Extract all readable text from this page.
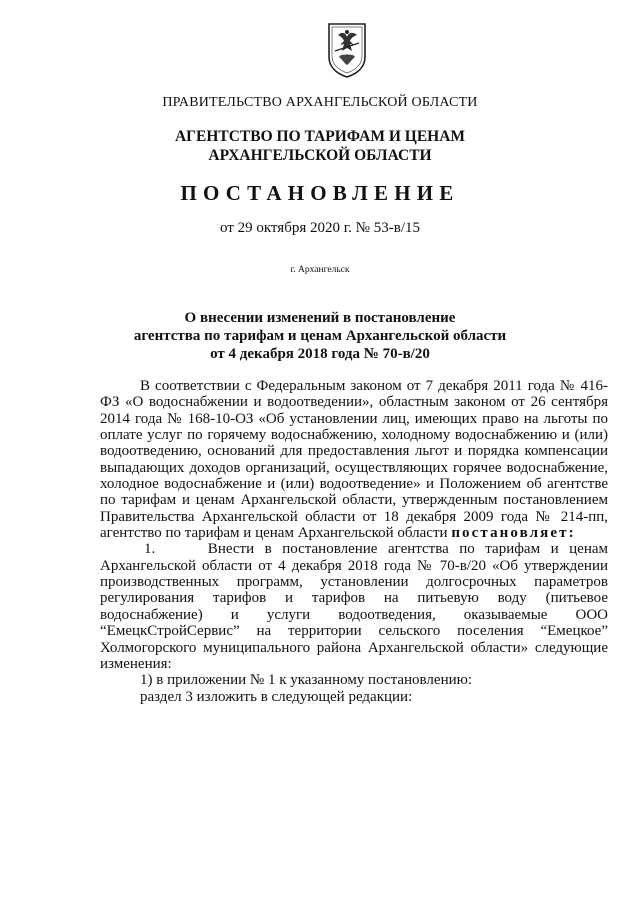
ПРАВИТЕЛЬСТВО АРХАНГЕЛЬСКОЙ ОБЛАСТИ
АГЕНТСТВО ПО ТАРИФАМ И ЦЕНАМ
АРХАНГЕЛЬСКОЙ ОБЛАСТИ
ПОСТАНОВЛЕНИЕ
от 29 октября 2020 г. № 53-в/15
г. Архангельск
О внесении изменений в постановление
агентства по тарифам и ценам Архангельской области
от 4 декабря 2018 года № 70-в/20

В соответствии с Федеральным законом от 7 декабря 2011 года № 416-ФЗ «О водоснабжении и водоотведении», областным законом от 26 сентября 2014 года № 168-10-ОЗ «Об установлении лиц, имеющих право на льготы по оплате услуг по горячему водоснабжению, холодному водоснабжению и (или) водоотведению, оснований для предоставления льгот и порядка компенсации выпадающих доходов организаций, осуществляющих горячее водоснабжение, холодное водоснабжение и (или) водоотведение» и Положением об агентстве по тарифам и ценам Архангельской области, утвержденным постановлением Правительства Архангельской области от 18 декабря 2009 года № 214-пп, агентство по тарифам и ценам Архангельской области постановляет:

1.     Внести в постановление агентства по тарифам и ценам Архангельской области от 4 декабря 2018 года № 70-в/20 «Об утверждении производственных программ, установлении долгосрочных параметров регулирования тарифов и тарифов на питьевую воду (питьевое водоснабжение) и услуги водоотведения, оказываемые ООО “ЕмецкСтройСервис” на территории сельского поселения “Емецкое” Холмогорского муниципального района Архангельской области» следующие изменения:

1) в приложении № 1 к указанному постановлению:

раздел 3 изложить в следующей редакции:
